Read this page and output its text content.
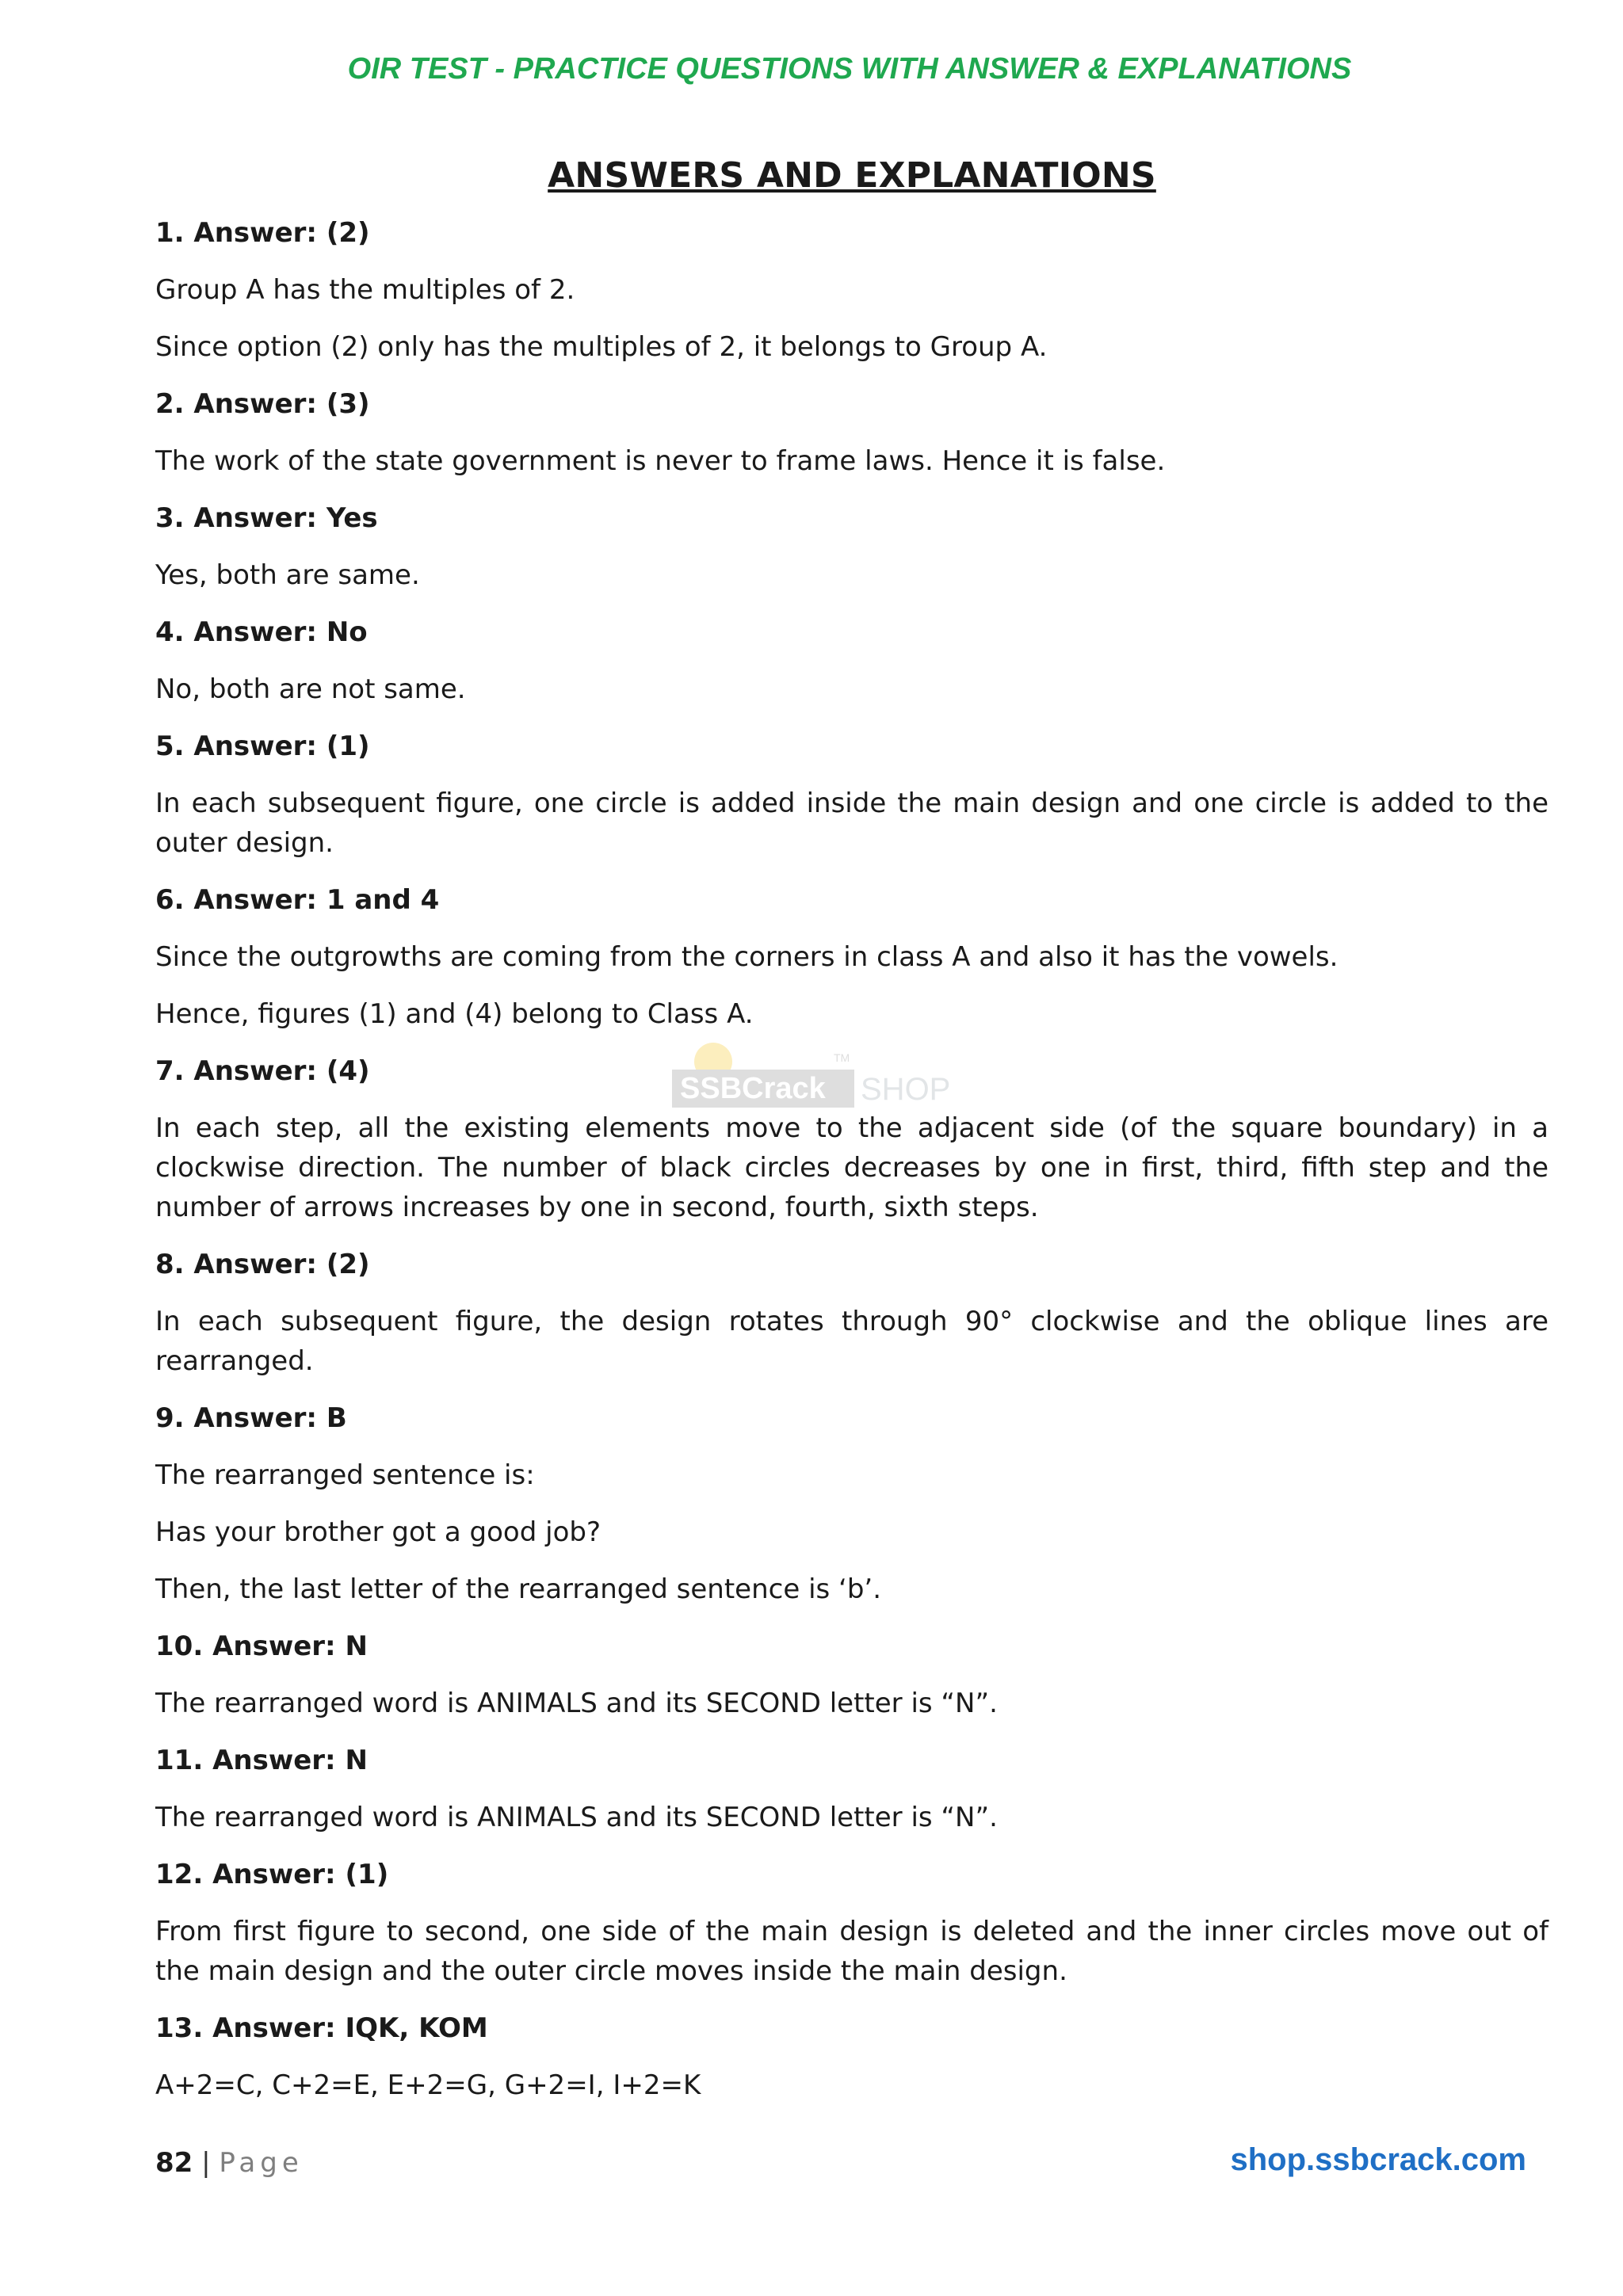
OIR TEST - PRACTICE QUESTIONS WITH ANSWER & EXPLANATIONS
ANSWERS AND EXPLANATIONS
1. Answer: (2)
Group A has the multiples of 2.
Since option (2) only has the multiples of 2, it belongs to Group A.
2. Answer: (3)
The work of the state government is never to frame laws. Hence it is false.
3. Answer: Yes
Yes, both are same.
4. Answer: No
No, both are not same.
5. Answer: (1)
In each subsequent figure, one circle is added inside the main design and one circle is added to the outer design.
6. Answer: 1 and 4
Since the outgrowths are coming from the corners in class A and also it has the vowels.
Hence, figures (1) and (4) belong to Class A.
7. Answer: (4)
In each step, all the existing elements move to the adjacent side (of the square boundary) in a clockwise direction. The number of black circles decreases by one in first, third, fifth step and the number of arrows increases by one in second, fourth, sixth steps.
8. Answer: (2)
In each subsequent figure, the design rotates through 90° clockwise and the oblique lines are rearranged.
9. Answer: B
The rearranged sentence is:
Has your brother got a good job?
Then, the last letter of the rearranged sentence is ‘b’.
10. Answer: N
The rearranged word is ANIMALS and its SECOND letter is “N”.
11. Answer: N
The rearranged word is ANIMALS and its SECOND letter is “N”.
12. Answer: (1)
From first figure to second, one side of the main design is deleted and the inner circles move out of the main design and the outer circle moves inside the main design.
13. Answer: IQK, KOM
A+2=C, C+2=E, E+2=G, G+2=I, I+2=K
SSBCrack SHOP
TM
82 | Page	shop.ssbcrack.com
